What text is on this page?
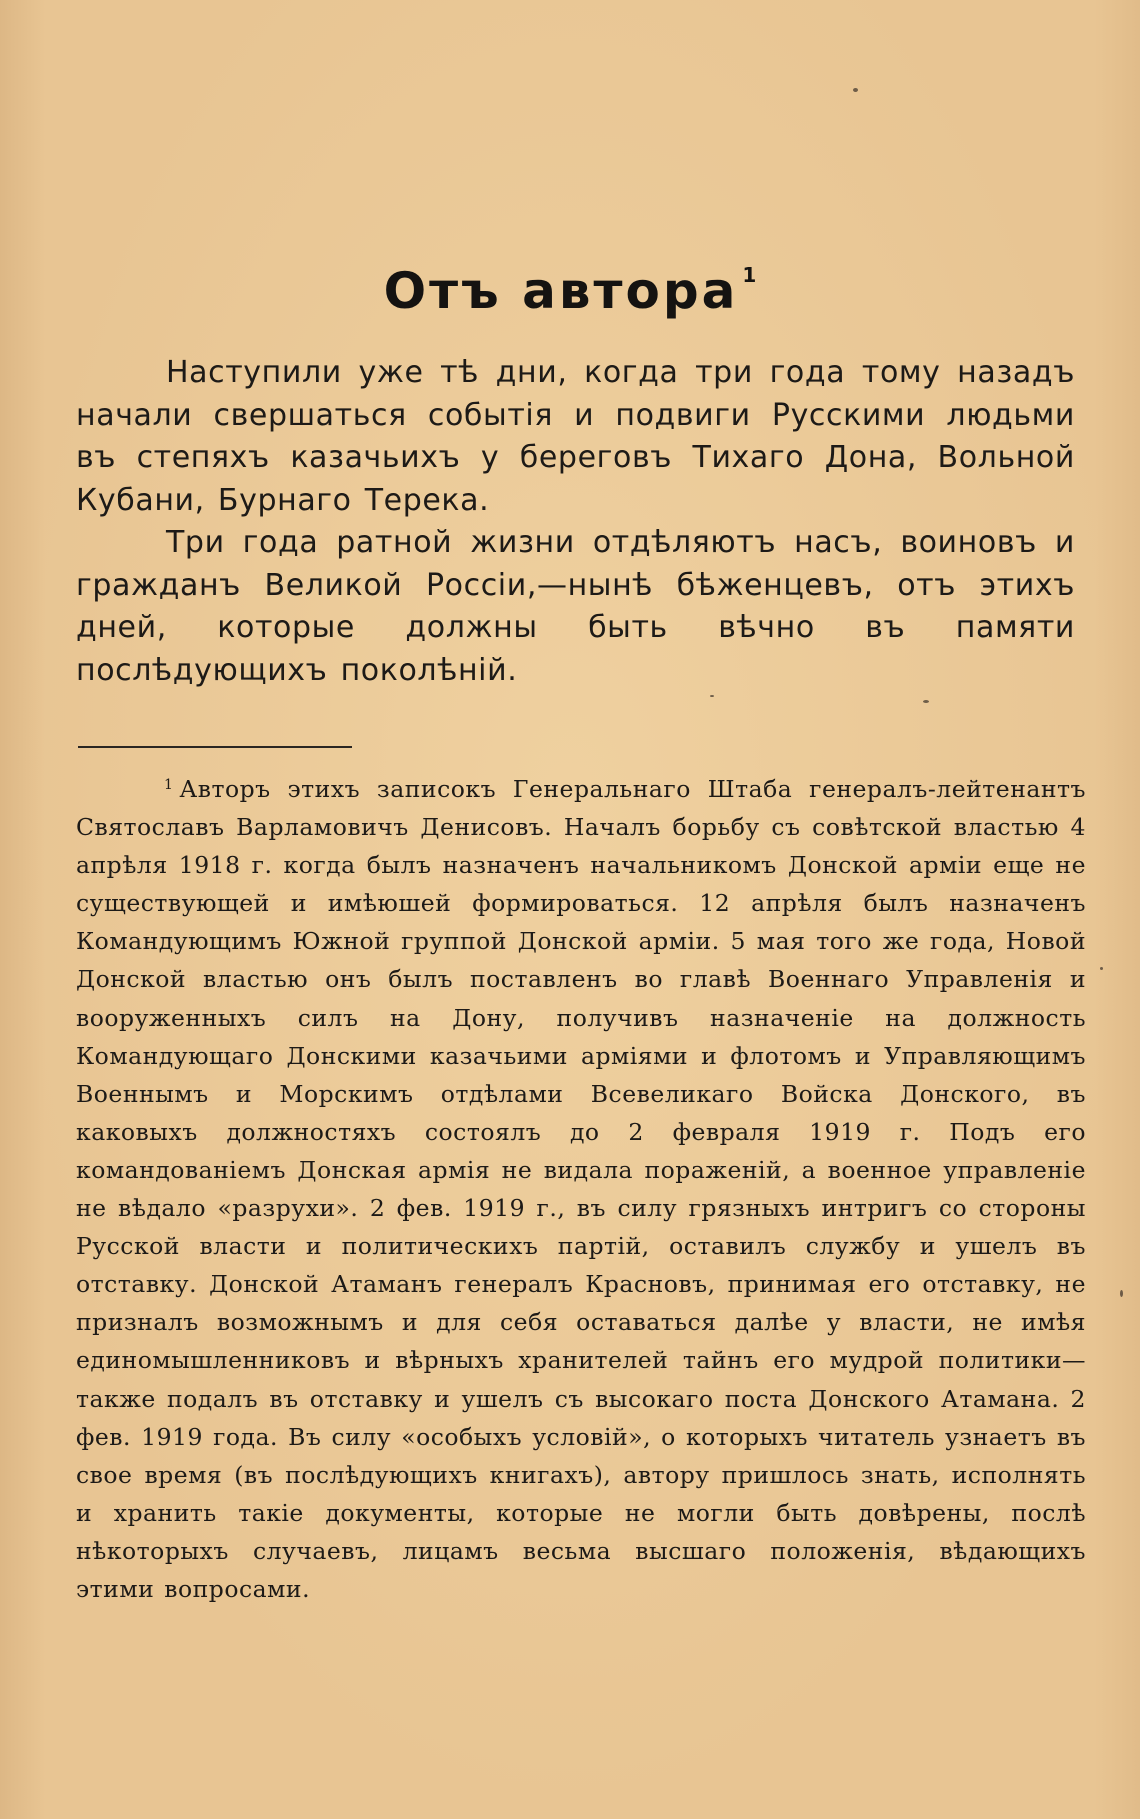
Отъ автора $^1$

Наступили уже тѣ дни, когда три года тому назадъ начали свершаться событія и подвиги Русскими людьми въ степяхъ казачьихъ у береговъ Тихаго Дона, Вольной Кубани, Бурнаго Терека.

Три года ратной жизни отдѣляютъ насъ, воиновъ и гражданъ Великой Россіи,—нынѣ бѣженцевъ, отъ этихъ дней, которые должны быть вѣчно въ памяти послѣдующихъ поколѣній.

$^1$ Авторъ этихъ записокъ Генеральнаго Штаба генералъ-лейтенантъ Святославъ Варламовичъ Денисовъ. Началъ борьбу съ совѣтской властью 4 апрѣля 1918 г. когда былъ назначенъ начальникомъ Донской арміи еще не существующей и имѣюшей формироваться. 12 апрѣля былъ назначенъ Командующимъ Южной группой Донской арміи. 5 мая того же года, Новой Донской властью онъ былъ поставленъ во главѣ Военнаго Управленія и вооруженныхъ силъ на Дону, получивъ назначеніе на должность Командующаго Донскими казачьими арміями и флотомъ и Управляющимъ Военнымъ и Морскимъ отдѣлами Всевеликаго Войска Донского, въ каковыхъ должностяхъ состоялъ до 2 февраля 1919 г. Подъ его командованіемъ Донская армія не видала пораженій, а военное управленіе не вѣдало «разрухи». 2 фев. 1919 г., въ силу грязныхъ интригъ со стороны Русской власти и политическихъ партій, оставилъ службу и ушелъ въ отставку. Донской Атаманъ генералъ Красновъ, принимая его отставку, не призналъ возможнымъ и для себя оставаться далѣе у власти, не имѣя единомышленниковъ и вѣрныхъ хранителей тайнъ его мудрой политики—также подалъ въ отставку и ушелъ съ высокаго поста Донского Атамана. 2 фев. 1919 года. Въ силу «особыхъ условій», о которыхъ читатель узнаетъ въ свое время (въ послѣдующихъ книгахъ), автору пришлось знать, исполнять и хранить такіе документы, которые не могли быть довѣрены, послѣ нѣкоторыхъ случаевъ, лицамъ весьма высшаго положенія, вѣдающихъ этими вопросами.
